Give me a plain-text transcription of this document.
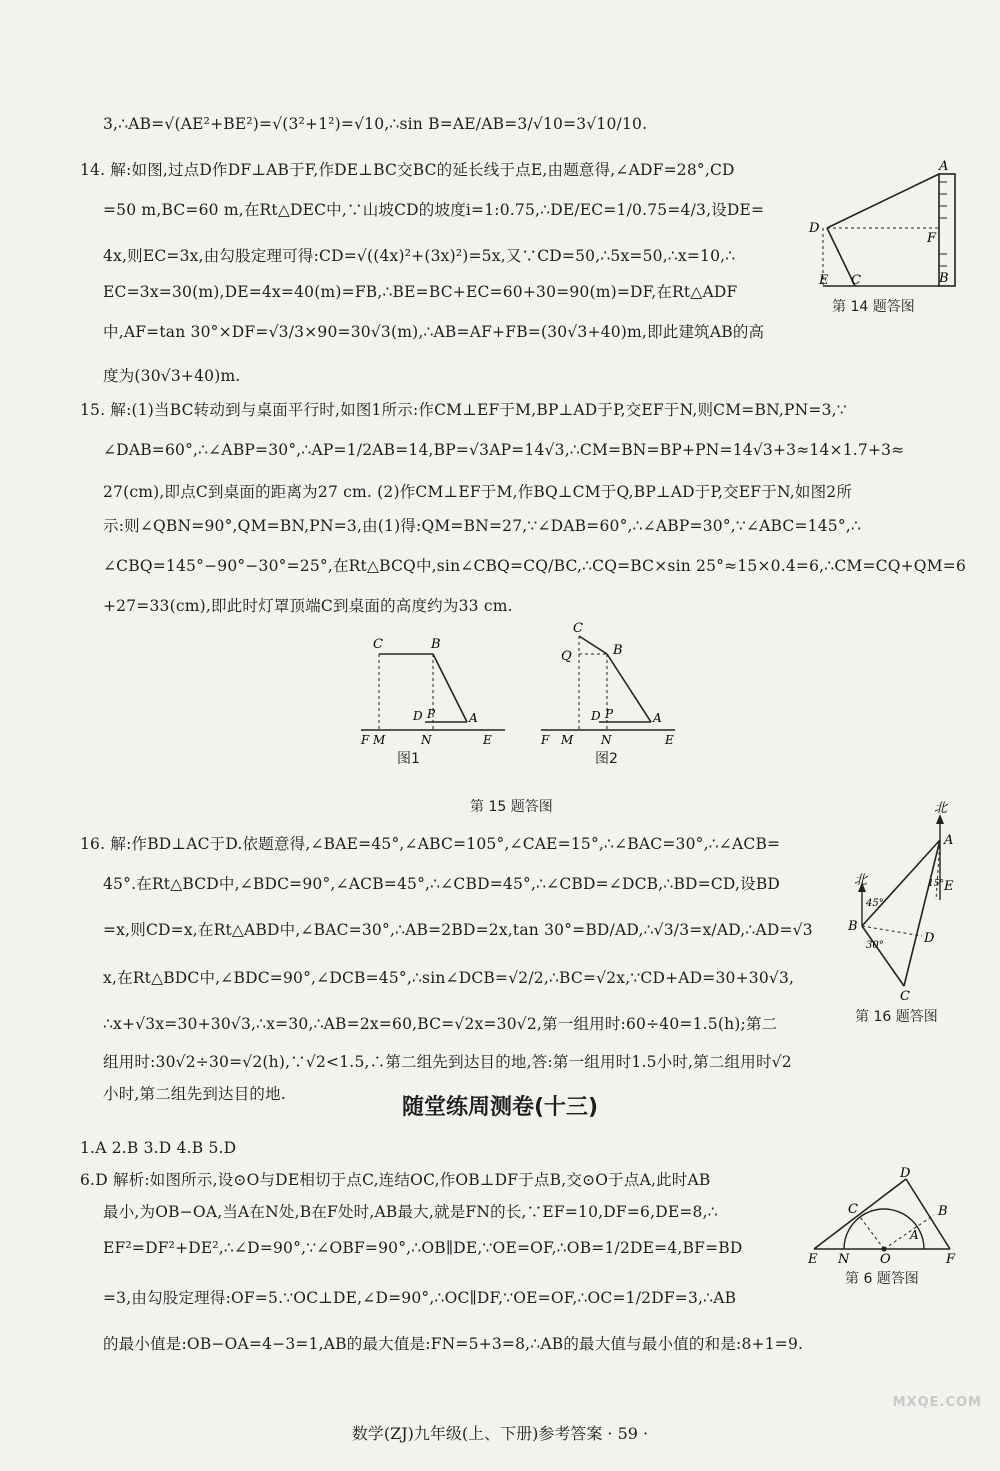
3,∴AB=√(AE²+BE²)=√(3²+1²)=√10,∴sin B=AE/AB=3/√10=3√10/10.
14. 解:如图,过点D作DF⊥AB于F,作DE⊥BC交BC的延长线于点E,由题意得,∠ADF=28°,CD
=50 m,BC=60 m,在Rt△DEC中,∵山坡CD的坡度i=1:0.75,∴DE/EC=1/0.75=4/3,设DE=
4x,则EC=3x,由勾股定理可得:CD=√((4x)²+(3x)²)=5x,又∵CD=50,∴5x=50,∴x=10,∴
EC=3x=30(m),DE=4x=40(m)=FB,∴BE=BC+EC=60+30=90(m)=DF,在Rt△ADF
中,AF=tan 30°×DF=√3/3×90=30√3(m),∴AB=AF+FB=(30√3+40)m,即此建筑AB的高
度为(30√3+40)m.
A
D
F
B
E C
第 14 题答图
15. 解:(1)当BC转动到与桌面平行时,如图1所示:作CM⊥EF于M,BP⊥AD于P,交EF于N,则CM=BN,PN=3,∵
∠DAB=60°,∴∠ABP=30°,∴AP=1/2AB=14,BP=√3AP=14√3,∴CM=BN=BP+PN=14√3+3≈14×1.7+3≈
27(cm),即点C到桌面的距离为27 cm. (2)作CM⊥EF于M,作BQ⊥CM于Q,BP⊥AD于P,交EF于N,如图2所
示:则∠QBN=90°,QM=BN,PN=3,由(1)得:QM=BN=27,∵∠DAB=60°,∴∠ABP=30°,∵∠ABC=145°,∴
∠CBQ=145°−90°−30°=25°,在Rt△BCQ中,sin∠CBQ=CQ/BC,∴CQ=BC×sin 25°≈15×0.4=6,∴CM=CQ+QM=6
+27=33(cm),即此时灯罩顶端C到桌面的高度约为33 cm.
C	B
D P	A
F M	N	E
图1
C
Q	B
D P	A
F M N	E
图2
第 15 题答图
16. 解:作BD⊥AC于D.依题意得,∠BAE=45°,∠ABC=105°,∠CAE=15°,∴∠BAC=30°,∴∠ACB=
45°.在Rt△BCD中,∠BDC=90°,∠ACB=45°,∴∠CBD=45°,∴∠CBD=∠DCB,∴BD=CD,设BD
=x,则CD=x,在Rt△ABD中,∠BAC=30°,∴AB=2BD=2x,tan 30°=BD/AD,∴√3/3=x/AD,∴AD=√3
x,在Rt△BDC中,∠BDC=90°,∠DCB=45°,∴sin∠DCB=√2/2,∴BC=√2x,∵CD+AD=30+30√3,
∴x+√3x=30+30√3,∴x=30,∴AB=2x=60,BC=√2x=30√2,第一组用时:60÷40=1.5(h);第二
组用时:30√2÷30=√2(h),∵√2<1.5,∴第二组先到达目的地,答:第一组用时1.5小时,第二组用时√2
小时,第二组先到达目的地.
北
A
北	E
45°
B
30°	D
C
15°
第 16 题答图
随堂练周测卷(十三)
1.A 2.B 3.D 4.B 5.D
6.D 解析:如图所示,设⊙O与DE相切于点C,连结OC,作OB⊥DF于点B,交⊙O于点A,此时AB
最小,为OB−OA,当A在N处,B在F处时,AB最大,就是FN的长,∵EF=10,DF=6,DE=8,∴
EF²=DF²+DE²,∴∠D=90°,∵∠OBF=90°,∴OB∥DE,∵OE=OF,∴OB=1/2DE=4,BF=BD
=3,由勾股定理得:OF=5.∵OC⊥DE,∠D=90°,∴OC∥DF,∵OE=OF,∴OC=1/2DF=3,∴AB
的最小值是:OB−OA=4−3=1,AB的最大值是:FN=5+3=8,∴AB的最大值与最小值的和是:8+1=9.
D
C	B
A
E N O	F
第 6 题答图
数学(ZJ)九年级(上、下册)参考答案 · 59 ·
MXQE.COM
